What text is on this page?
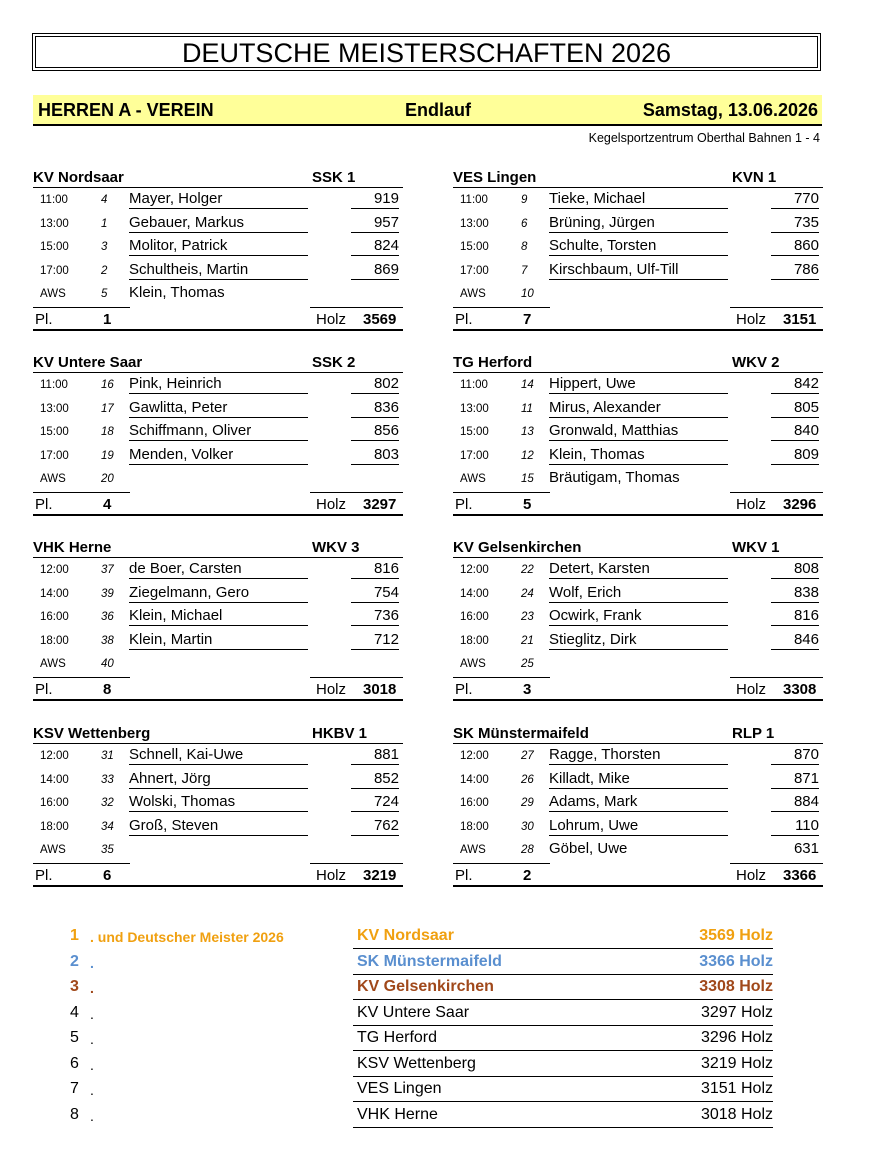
DEUTSCHE MEISTERSCHAFTEN 2026
HERREN A - VEREIN	Endlauf	Samstag, 13.06.2026
Kegelsportzentrum Oberthal Bahnen 1 - 4
KV Nordsaar	SSK 1
11:00	4 Mayer, Holger	919
13:00	1 Gebauer, Markus	957
15:00	3 Molitor, Patrick	824
17:00	2 Schultheis, Martin	869
AWS	5 Klein, Thomas
Pl.	1	Holz 3569
VES Lingen	KVN 1
11:00	9 Tieke, Michael	770
13:00	6 Brüning, Jürgen	735
15:00	8 Schulte, Torsten	860
17:00	7 Kirschbaum, Ulf-Till	786
AWS	10
Pl.	7	Holz 3151
KV Untere Saar	SSK 2
11:00	16 Pink, Heinrich	802
13:00	17 Gawlitta, Peter	836
15:00	18 Schiffmann, Oliver	856
17:00	19 Menden, Volker	803
AWS	20
Pl.	4	Holz 3297
TG Herford	WKV 2
11:00	14 Hippert, Uwe	842
13:00	11 Mirus, Alexander	805
15:00	13 Gronwald, Matthias	840
17:00	12 Klein, Thomas	809
AWS	15 Bräutigam, Thomas
Pl.	5	Holz 3296
VHK Herne	WKV 3
12:00	37 de Boer, Carsten	816
14:00	39 Ziegelmann, Gero	754
16:00	36 Klein, Michael	736
18:00	38 Klein, Martin	712
AWS	40
Pl.	8	Holz 3018
KV Gelsenkirchen	WKV 1
12:00	22 Detert, Karsten	808
14:00	24 Wolf, Erich	838
16:00	23 Ocwirk, Frank	816
18:00	21 Stieglitz, Dirk	846
AWS	25
Pl.	3	Holz 3308
KSV Wettenberg	HKBV 1
12:00	31 Schnell, Kai-Uwe	881
14:00	33 Ahnert, Jörg	852
16:00	32 Wolski, Thomas	724
18:00	34 Groß, Steven	762
AWS	35
Pl.	6	Holz 3219
SK Münstermaifeld	RLP 1
12:00	27 Ragge, Thorsten	870
14:00	26 Killadt, Mike	871
16:00	29 Adams, Mark	884
18:00	30 Lohrum, Uwe	110
AWS	28 Göbel, Uwe	631
Pl.	2	Holz 3366
1 . und Deutscher Meister 2026	KV Nordsaar	3569 Holz
2 .	SK Münstermaifeld	3366 Holz
3 .	KV Gelsenkirchen	3308 Holz
4 .	KV Untere Saar	3297 Holz
5 .	TG Herford	3296 Holz
6 .	KSV Wettenberg	3219 Holz
7 .	VES Lingen	3151 Holz
8 .	VHK Herne	3018 Holz
